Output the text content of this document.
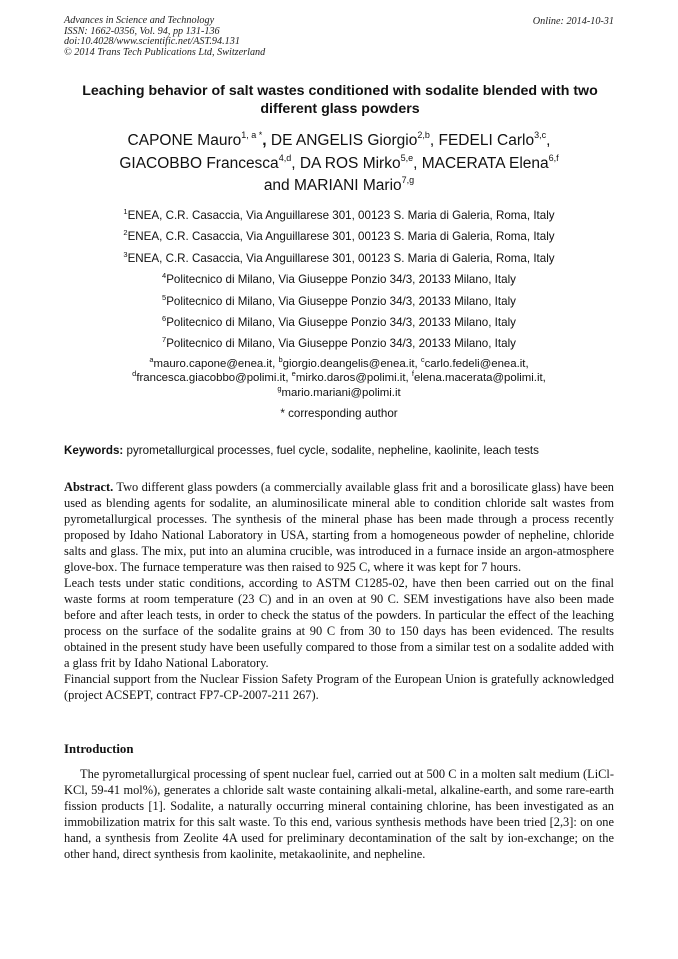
Advances in Science and Technology
ISSN: 1662-0356, Vol. 94, pp 131-136
doi:10.4028/www.scientific.net/AST.94.131
© 2014 Trans Tech Publications Ltd, Switzerland
Online: 2014-10-31
Leaching behavior of salt wastes conditioned with sodalite blended with two different glass powders
CAPONE Mauro$^{1, a *}$, DE ANGELIS Giorgio$^{2,b}$, FEDELI Carlo$^{3,c}$,
GIACOBBO Francesca$^{4,d}$, DA ROS Mirko$^{5,e}$, MACERATA Elena$^{6,f}$
and MARIANI Mario$^{7,g}$
$^1$ENEA, C.R. Casaccia, Via Anguillarese 301, 00123 S. Maria di Galeria, Roma, Italy
$^2$ENEA, C.R. Casaccia, Via Anguillarese 301, 00123 S. Maria di Galeria, Roma, Italy
$^3$ENEA, C.R. Casaccia, Via Anguillarese 301, 00123 S. Maria di Galeria, Roma, Italy
$^4$Politecnico di Milano, Via Giuseppe Ponzio 34/3, 20133 Milano, Italy
$^5$Politecnico di Milano, Via Giuseppe Ponzio 34/3, 20133 Milano, Italy
$^6$Politecnico di Milano, Via Giuseppe Ponzio 34/3, 20133 Milano, Italy
$^7$Politecnico di Milano, Via Giuseppe Ponzio 34/3, 20133 Milano, Italy
$^a$mauro.capone@enea.it, $^b$giorgio.deangelis@enea.it, $^c$carlo.fedeli@enea.it,
$^d$francesca.giacobbo@polimi.it, $^e$mirko.daros@polimi.it, $^f$elena.macerata@polimi.it,
$^g$mario.mariani@polimi.it
* corresponding author
Keywords: pyrometallurgical processes, fuel cycle, sodalite, nepheline, kaolinite, leach tests

Abstract. Two different glass powders (a commercially available glass frit and a borosilicate glass) have been used as blending agents for sodalite, an aluminosilicate mineral able to condition chloride salt wastes from pyrometallurgical processes. The synthesis of the mineral phase has been made through a process recently proposed by Idaho National Laboratory in USA, starting from a homogeneous powder of nepheline, chloride salts and glass. The mix, put into an alumina crucible, was introduced in a furnace inside an argon-atmosphere glove-box. The furnace temperature was then raised to 925 C, where it was kept for 7 hours.

Leach tests under static conditions, according to ASTM C1285-02, have then been carried out on the final waste forms at room temperature (23 C) and in an oven at 90 C. SEM investigations have also been made before and after leach tests, in order to check the status of the powders. In particular the effect of the leaching process on the surface of the sodalite grains at 90 C from 30 to 150 days has been evidenced. The results obtained in the present study have been usefully compared to those from a similar test on a sodalite added with a glass frit by Idaho National Laboratory.

Financial support from the Nuclear Fission Safety Program of the European Union is gratefully acknowledged (project ACSEPT, contract FP7-CP-2007-211 267).

Introduction

The pyrometallurgical processing of spent nuclear fuel, carried out at 500 C in a molten salt medium (LiCl-KCl, 59-41 mol%), generates a chloride salt waste containing alkali-metal, alkaline-earth, and some rare-earth fission products [1]. Sodalite, a naturally occurring mineral containing chlorine, has been investigated as an immobilization matrix for this salt waste. To this end, various synthesis methods have been tried [2,3]: on one hand, a synthesis from Zeolite 4A used for preliminary decontamination of the salt by ion-exchange; on the other hand, direct synthesis from kaolinite, metakaolinite, and nepheline.
